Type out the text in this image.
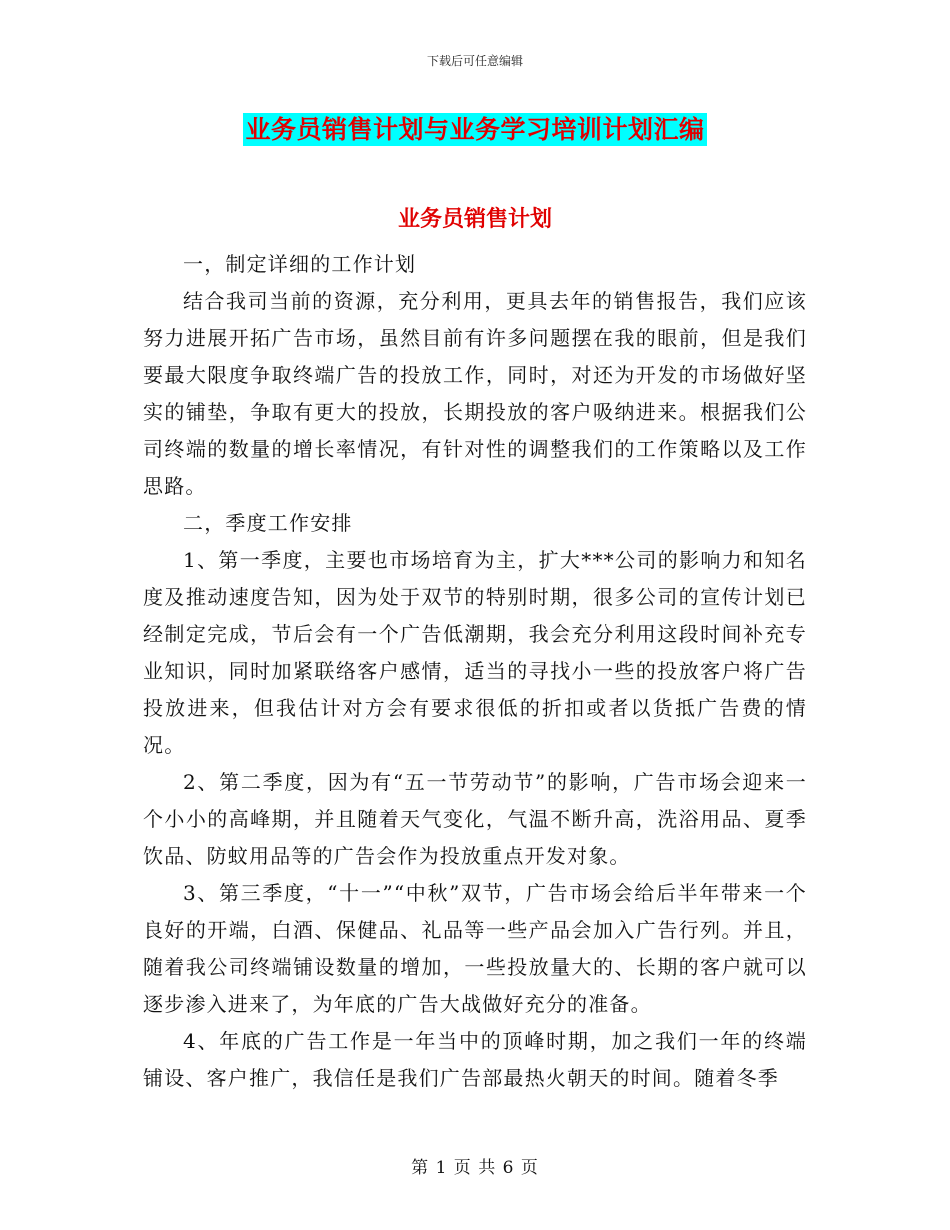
下载后可任意编辑
业务员销售计划与业务学习培训计划汇编
业务员销售计划

一，制定详细的工作计划

结合我司当前的资源，充分利用，更具去年的销售报告，我们应该努力进展开拓广告市场，虽然目前有许多问题摆在我的眼前，但是我们要最大限度争取终端广告的投放工作，同时，对还为开发的市场做好坚实的铺垫，争取有更大的投放，长期投放的客户吸纳进来。根据我们公司终端的数量的增长率情况，有针对性的调整我们的工作策略以及工作思路。

二，季度工作安排

1、第一季度，主要也市场培育为主，扩大***公司的影响力和知名度及推动速度告知，因为处于双节的特别时期，很多公司的宣传计划已经制定完成，节后会有一个广告低潮期，我会充分利用这段时间补充专业知识，同时加紧联络客户感情，适当的寻找小一些的投放客户将广告投放进来，但我估计对方会有要求很低的折扣或者以货抵广告费的情况。

2、第二季度，因为有“五一节劳动节”的影响，广告市场会迎来一个小小的高峰期，并且随着天气变化，气温不断升高，洗浴用品、夏季饮品、防蚊用品等的广告会作为投放重点开发对象。

3、第三季度，“十一”“中秋”双节，广告市场会给后半年带来一个良好的开端，白酒、保健品、礼品等一些产品会加入广告行列。并且，随着我公司终端铺设数量的增加，一些投放量大的、长期的客户就可以逐步渗入进来了，为年底的广告大战做好充分的准备。

4、年底的广告工作是一年当中的顶峰时期，加之我们一年的终端铺设、客户推广，我信任是我们广告部最热火朝天的时间。随着冬季

第 1 页 共 6 页
